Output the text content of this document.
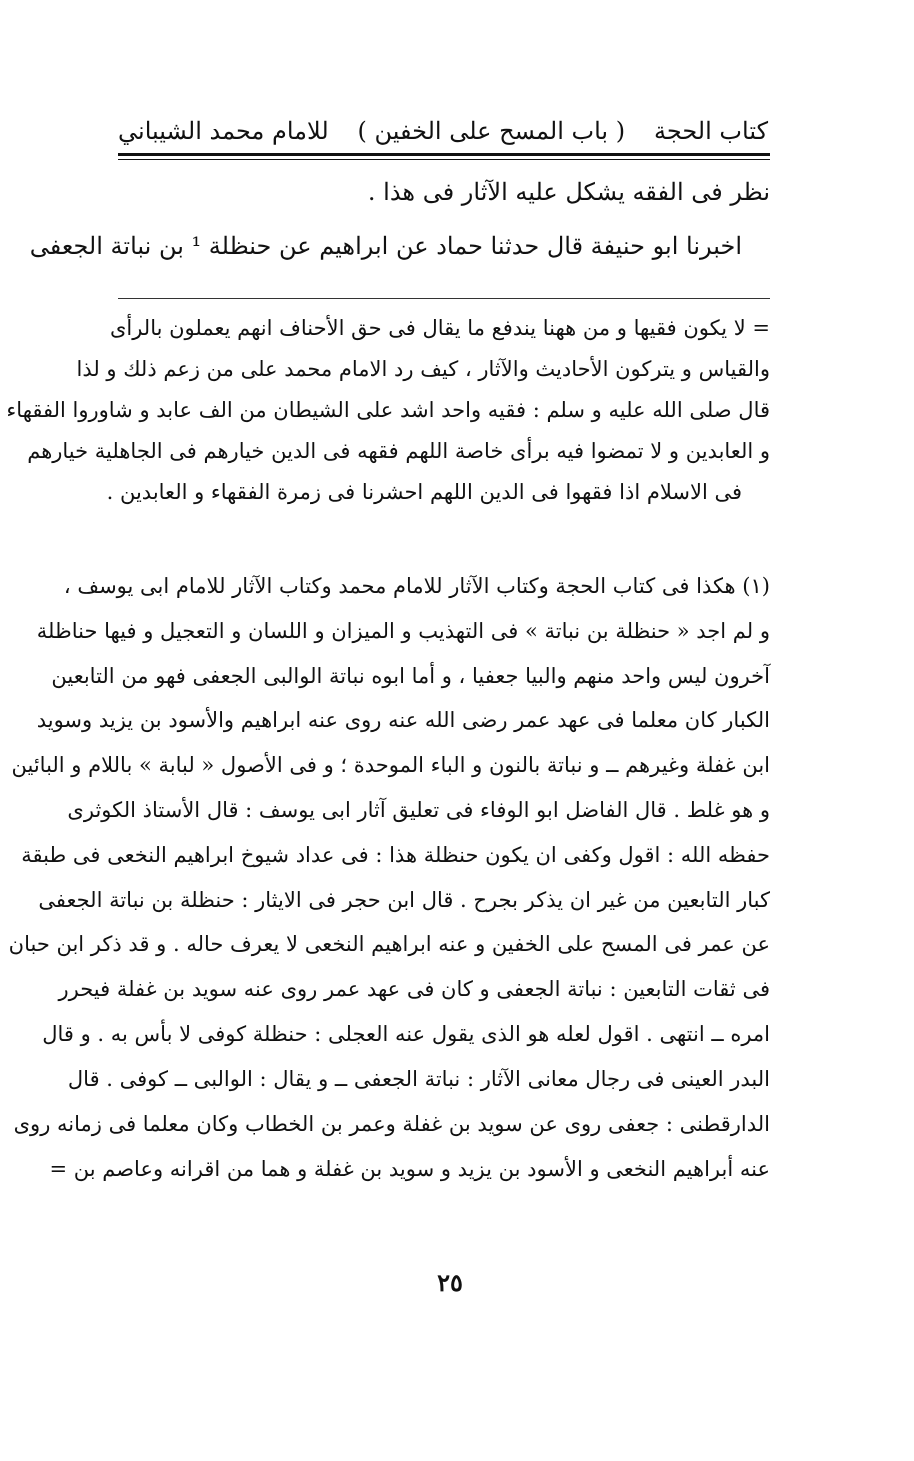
كتاب الحجة
( باب المسح على الخفين )
للامام محمد الشيباني
نظر فى الفقه يشكل عليه الآثار فى هذا .
اخبرنا ابو حنيفة قال حدثنا حماد عن ابراهيم عن حنظلة ¹ بن نباتة الجعفى
= لا يكون فقيها و من ههنا يندفع ما يقال فى حق الأحناف انهم يعملون بالرأى
والقياس و يتركون الأحاديث والآثار ، كيف رد الامام محمد على من زعم ذلك و لذا
قال صلى الله عليه و سلم : فقيه واحد اشد على الشيطان من الف عابد و شاوروا الفقهاء
و العابدين و لا تمضوا فيه برأى خاصة اللهم فقهه فى الدين خيارهم فى الجاهلية خيارهم
فى الاسلام اذا فقهوا فى الدين اللهم احشرنا فى زمرة الفقهاء و العابدين .
(١) هكذا فى كتاب الحجة وكتاب الآثار للامام محمد وكتاب الآثار للامام ابى يوسف ،
و لم اجد « حنظلة بن نباتة » فى التهذيب و الميزان و اللسان و التعجيل و فيها حناظلة
آخرون ليس واحد منهم والبيا جعفيا ، و أما ابوه نباتة الوالبى الجعفى فهو من التابعين
الكبار كان معلما فى عهد عمر رضى الله عنه روى عنه ابراهيم والأسود بن يزيد وسويد
ابن غفلة وغيرهم ــ و نباتة بالنون و الباء الموحدة ؛ و فى الأصول « لبابة » باللام و البائين
و هو غلط . قال الفاضل ابو الوفاء فى تعليق آثار ابى يوسف : قال الأستاذ الكوثرى
حفظه الله : اقول وكفى ان يكون حنظلة هذا : فى عداد شيوخ ابراهيم النخعى فى طبقة
كبار التابعين من غير ان يذكر بجرح . قال ابن حجر فى الايثار : حنظلة بن نباتة الجعفى
عن عمر فى المسح على الخفين و عنه ابراهيم النخعى لا يعرف حاله . و قد ذكر ابن حبان
فى ثقات التابعين : نباتة الجعفى و كان فى عهد عمر روى عنه سويد بن غفلة فيحرر
امره ــ انتهى . اقول لعله هو الذى يقول عنه العجلى : حنظلة كوفى لا بأس به . و قال
البدر العينى فى رجال معانى الآثار : نباتة الجعفى ــ و يقال : الوالبى ــ كوفى . قال
الدارقطنى : جعفى روى عن سويد بن غفلة وعمر بن الخطاب وكان معلما فى زمانه روى
عنه أبراهيم النخعى و الأسود بن يزيد و سويد بن غفلة و هما من اقرانه وعاصم بن =
٢٥
